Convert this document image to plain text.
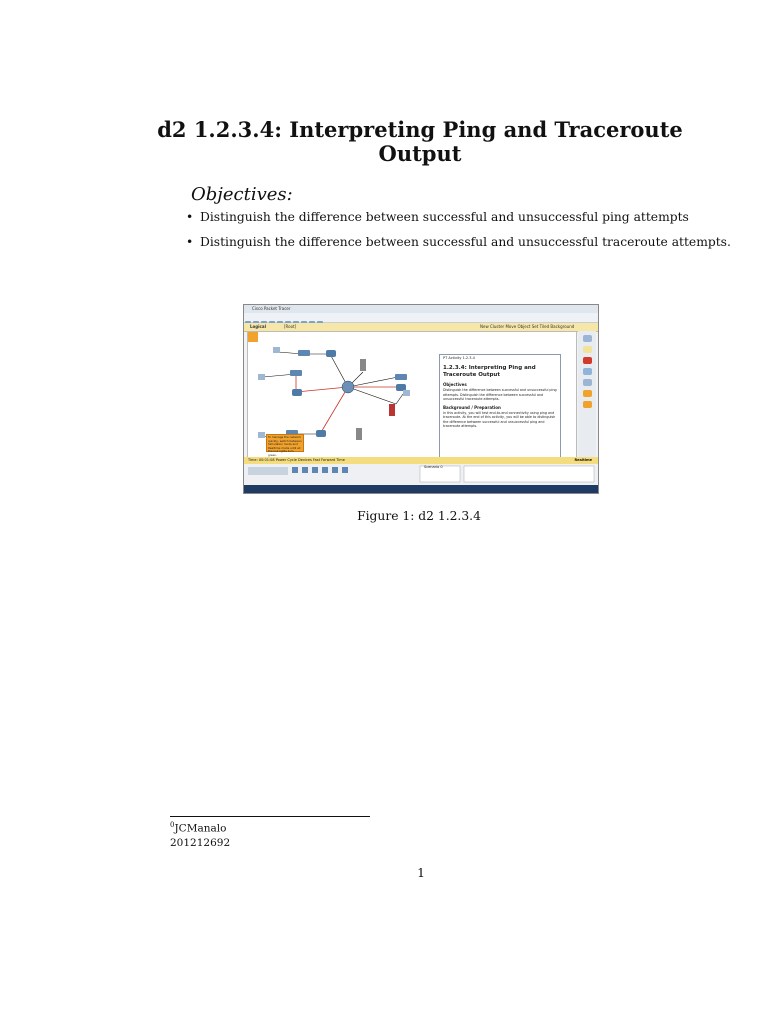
d2 1.2.3.4: Interpreting Ping and Traceroute
Output
Objectives:
• Distinguish the difference between successful and unsuccessful ping attempts
• Distinguish the difference between successful and unsuccessful traceroute attempts.
Cisco Packet Tracer
Logical	[Root]	New Cluster Move Object Set Tiled Background
To manage the network quickly, switch between Simulation mode and Realtime mode until all the link lights turn green.
PT Activity 1.2.3.4
1.2.3.4: Interpreting Ping and Traceroute Output
Objectives
Distinguish the difference between successful and unsuccessful ping attempts. Distinguish the difference between successful and unsuccessful traceroute attempts.
Background / Preparation
In this activity, you will test end-to-end connectivity using ping and traceroute. At the end of this activity, you will be able to distinguish the difference between successful and unsuccessful ping and traceroute attempts.
Time: 00:01:08 Power Cycle Devices Fast Forward Time	Realtime
Scenario 0
Figure 1: d2 1.2.3.4
$^0$JCManalo
201212692
1
